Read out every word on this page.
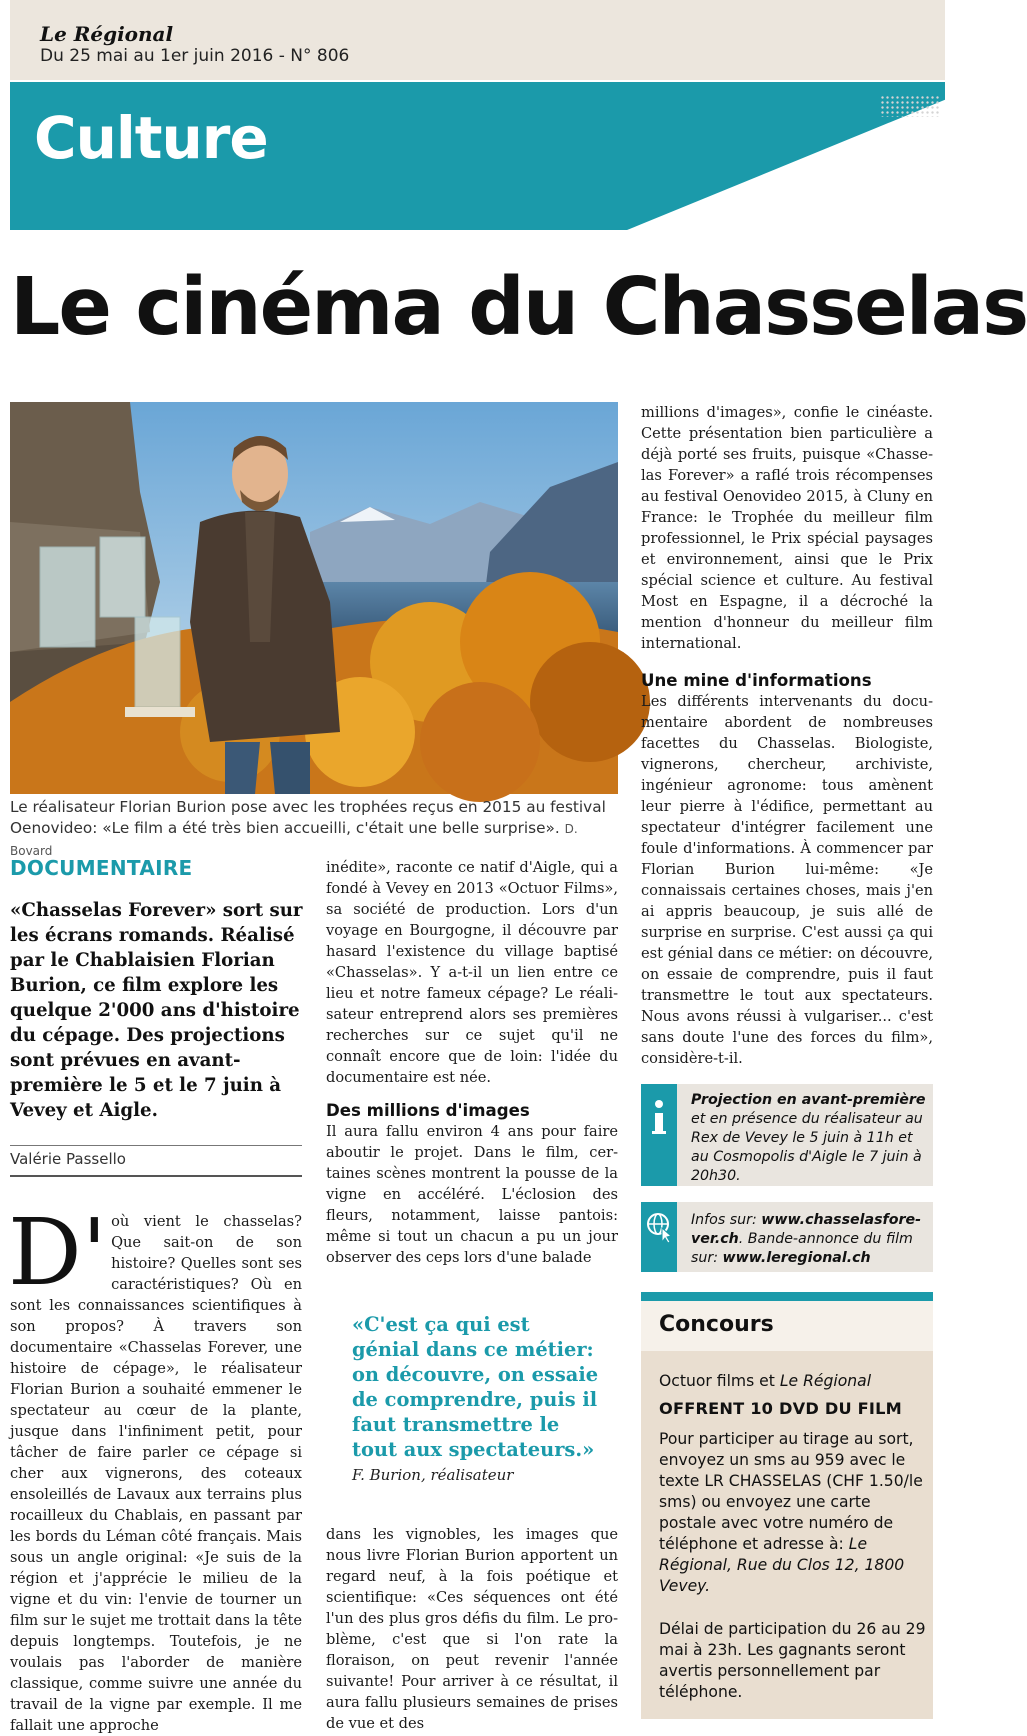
Le Régional
Du 25 mai au 1er juin 2016 - N° 806
Culture
Le cinéma du Chasselas
Le réalisateur Florian Burion pose avec les trophées reçus en 2015 au festival Oenovideo: «Le film a été très bien accueilli, c'était une belle surprise». D. Bovard
DOCUMENTAIRE
«Chasselas Forever» sort sur les écrans romands. Réalisé par le Chablaisien Florian Burion, ce film explore les quelque 2'000 ans d'histoire du cépage. Des projections sont prévues en avant-première le 5 et le 7 juin à Vevey et Aigle.
Valérie Passello

D' où vient le chasselas? Que sait-on de son histoire? Quelles sont ses caractéristiques? Où en sont les connaissances scientifiques à son propos? À travers son documentaire «Chasselas Forever, une histoire de cépage», le réalisateur Florian Burion a souhaité emmener le spectateur au cœur de la plante, jusque dans l'infiniment petit, pour tâcher de faire parler ce cépage si cher aux vignerons, des coteaux ensoleillés de Lavaux aux terrains plus rocailleux du Chablais, en passant par les bords du Léman côté français. Mais sous un angle original: «Je suis de la région et j'apprécie le milieu de la vigne et du vin: l'envie de tourner un film sur le sujet me trottait dans la tête depuis longtemps. Toutefois, je ne voulais pas l'aborder de manière classique, comme suivre une année du travail de la vigne par exemple. Il me fallait une approche

inédite», raconte ce natif d'Aigle, qui a fondé à Vevey en 2013 «Octuor Films», sa société de production. Lors d'un voyage en Bourgogne, il découvre par hasard l'existence du village baptisé «Chasselas». Y a-t-il un lien entre ce lieu et notre fameux cépage? Le réalisateur entreprend alors ses premières recherches sur ce sujet qu'il ne connaît encore que de loin: l'idée du documentaire est née.

Des millions d'images

Il aura fallu environ 4 ans pour faire aboutir le projet. Dans le film, certaines scènes montrent la pousse de la vigne en accéléré. L'éclosion des fleurs, notamment, laisse pantois: même si tout un chacun a pu un jour observer des ceps lors d'une balade

«C'est ça qui est génial dans ce métier: on découvre, on essaie de comprendre, puis il faut transmettre le tout aux spectateurs.»
F. Burion, réalisateur

dans les vignobles, les images que nous livre Florian Burion apportent un regard neuf, à la fois poétique et scientifique: «Ces séquences ont été l'un des plus gros défis du film. Le problème, c'est que si l'on rate la floraison, on peut revenir l'année suivante! Pour arriver à ce résultat, il aura fallu plusieurs semaines de prises de vue et des

millions d'images», confie le cinéaste. Cette présentation bien particulière a déjà porté ses fruits, puisque «Chasselas Forever» a raflé trois récompenses au festival Oenovideo 2015, à Cluny en France: le Trophée du meilleur film professionnel, le Prix spécial paysages et environnement, ainsi que le Prix spécial science et culture. Au festival Most en Espagne, il a décroché la mention d'honneur du meilleur film international.

Une mine d'informations

Les différents intervenants du documentaire abordent de nombreuses facettes du Chasselas. Biologiste, vignerons, chercheur, archiviste, ingénieur agronome: tous amènent leur pierre à l'édifice, permettant au spectateur d'intégrer facilement une foule d'informations. À commencer par Florian Burion lui-même: «Je connaissais certaines choses, mais j'en ai appris beaucoup, je suis allé de surprise en surprise. C'est aussi ça qui est génial dans ce métier: on découvre, on essaie de comprendre, puis il faut transmettre le tout aux spectateurs. Nous avons réussi à vulgariser... c'est sans doute l'une des forces du film», considère-t-il.

Projection en avant-première et en présence du réalisateur au Rex de Vevey le 5 juin à 11h et au Cosmopolis d'Aigle le 7 juin à 20h30.
Infos sur: www.chasselasforever.ch. Bande-annonce du film sur: www.leregional.ch
Concours
Octuor films et Le Régional
OFFRENT 10 DVD DU FILM
Pour participer au tirage au sort, envoyez un sms au 959 avec le texte LR CHASSELAS (CHF 1.50/le sms) ou envoyez une carte postale avec votre numéro de téléphone et adresse à: Le Régional, Rue du Clos 12, 1800 Vevey.
Délai de participation du 26 au 29 mai à 23h. Les gagnants seront avertis personnellement par téléphone.
